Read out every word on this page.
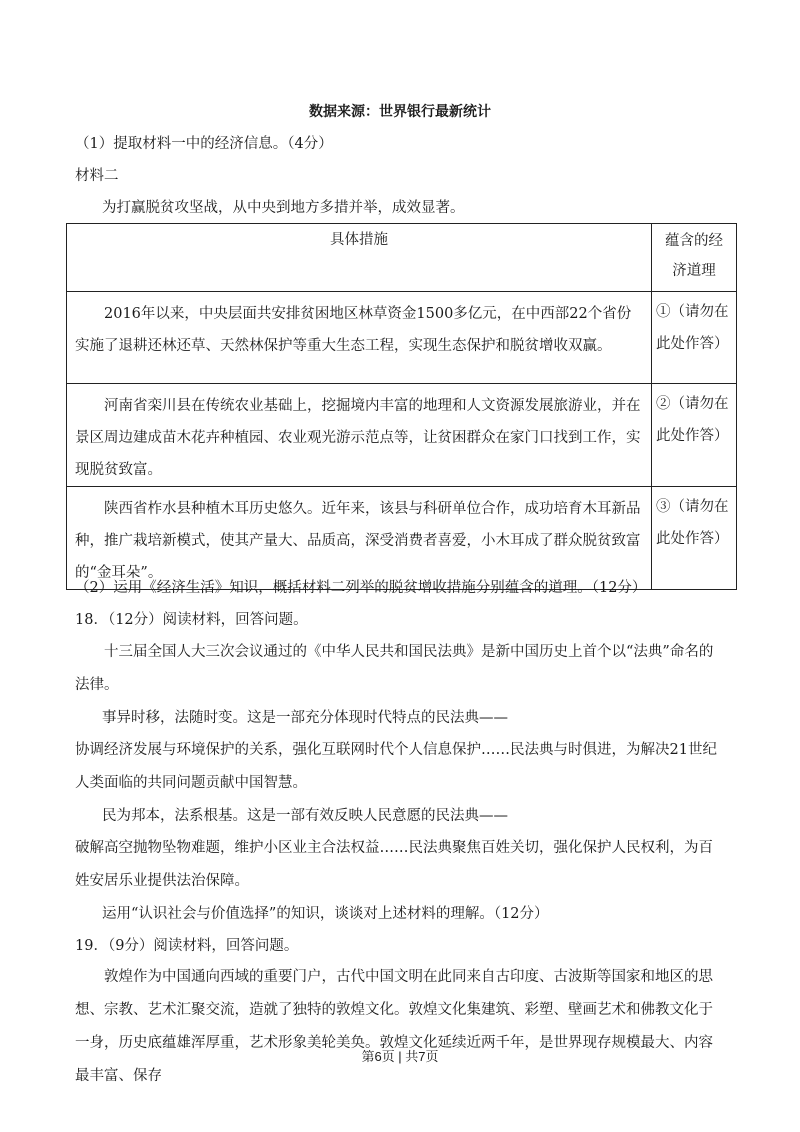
数据来源：世界银行最新统计
（1）提取材料一中的经济信息。（4分）
材料二
为打赢脱贫攻坚战，从中央到地方多措并举，成效显著。
具体措施	蕴含的经
济道理

2016年以来，中央层面共安排贫困地区林草资金1500多亿元，在中西部22个省份实施了退耕还林还草、天然林保护等重大生态工程，实现生态保护和脱贫增收双赢。	①（请勿在此处作答）

河南省栾川县在传统农业基础上，挖掘境内丰富的地理和人文资源发展旅游业，并在景区周边建成苗木花卉种植园、农业观光游示范点等，让贫困群众在家门口找到工作，实现脱贫致富。	②（请勿在此处作答）

陕西省柞水县种植木耳历史悠久。近年来，该县与科研单位合作，成功培育木耳新品种，推广栽培新模式，使其产量大、品质高，深受消费者喜爱，小木耳成了群众脱贫致富的“金耳朵”。	③（请勿在此处作答）
（2）运用《经济生活》知识，概括材料二列举的脱贫增收措施分别蕴含的道理。（12分）
18．（12分）阅读材料，回答问题。
十三届全国人大三次会议通过的《中华人民共和国民法典》是新中国历史上首个以“法典”命名的法律。
事异时移，法随时变。这是一部充分体现时代特点的民法典——
协调经济发展与环境保护的关系，强化互联网时代个人信息保护……民法典与时俱进，为解决21世纪人类面临的共同问题贡献中国智慧。
民为邦本，法系根基。这是一部有效反映人民意愿的民法典——
破解高空抛物坠物难题，维护小区业主合法权益……民法典聚焦百姓关切，强化保护人民权利，为百姓安居乐业提供法治保障。
运用“认识社会与价值选择”的知识，谈谈对上述材料的理解。（12分）
19．（9分）阅读材料，回答问题。
敦煌作为中国通向西域的重要门户，古代中国文明在此同来自古印度、古波斯等国家和地区的思想、宗教、艺术汇聚交流，造就了独特的敦煌文化。敦煌文化集建筑、彩塑、壁画艺术和佛教文化于一身，历史底蕴雄浑厚重，艺术形象美轮美奂。敦煌文化延续近两千年，是世界现存规模最大、内容最丰富、保存
第6页 | 共7页
